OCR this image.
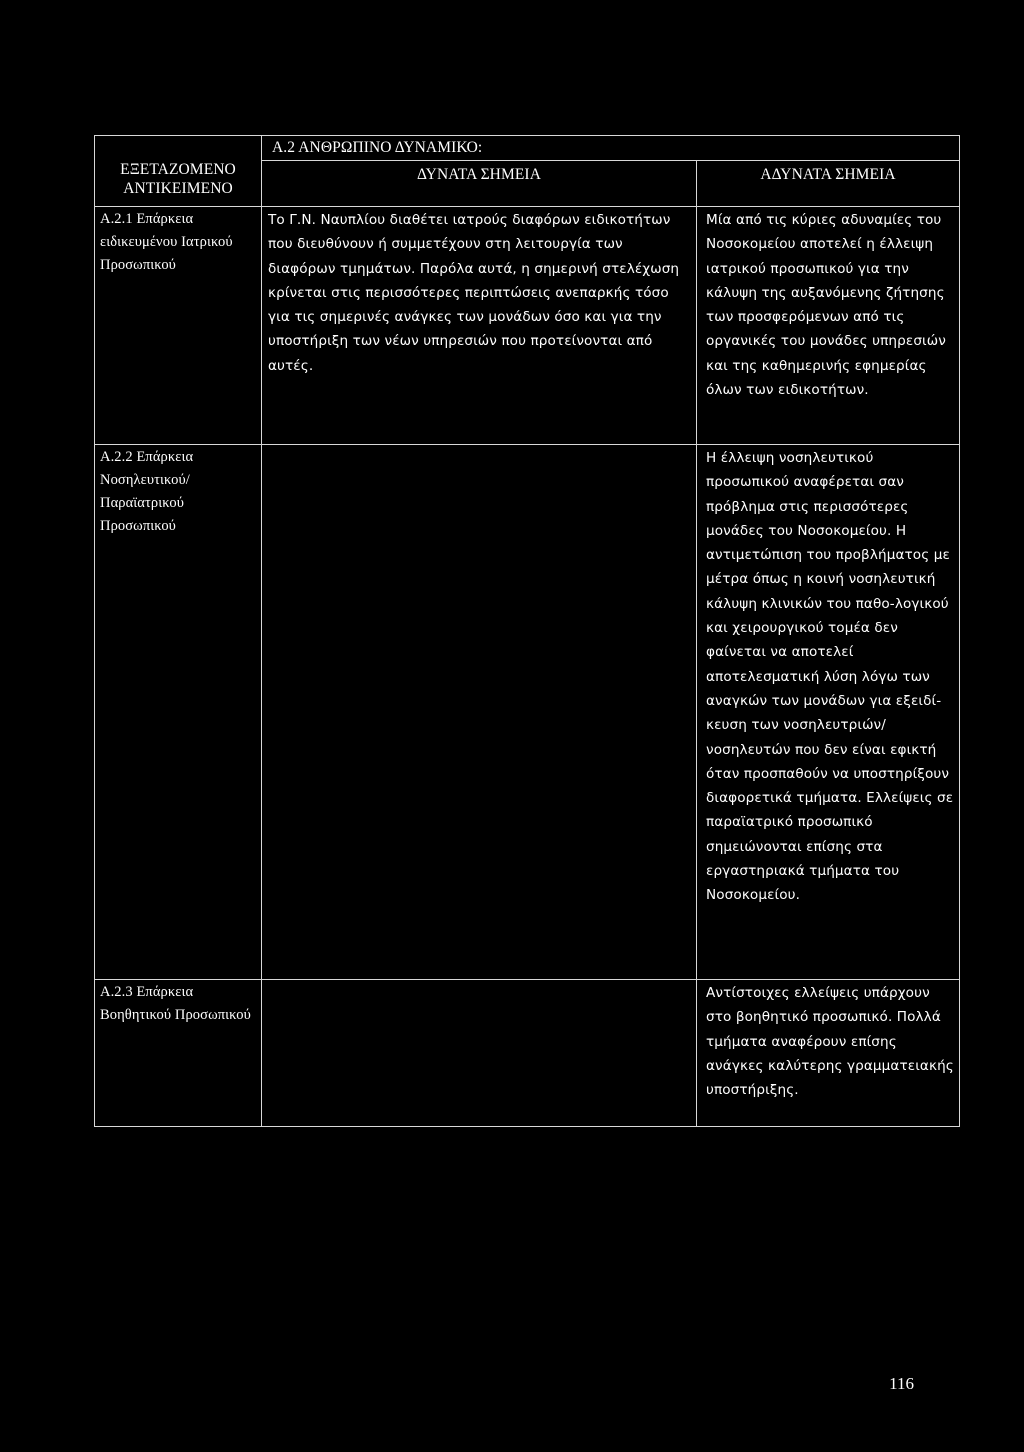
ΕΞΕΤΑΖΟΜΕΝΟ ΑΝΤΙΚΕΙΜΕΝΟ
Α.2 ΑΝΘΡΩΠΙΝΟ ΔΥΝΑΜΙΚΟ:
ΔΥΝΑΤΑ ΣΗΜΕΙΑ	ΑΔΥΝΑΤΑ ΣΗΜΕΙΑ
Α.2.1 Επάρκεια ειδικευμένου Ιατρικού Προσωπικού
Το Γ.Ν. Ναυπλίου διαθέτει ιατρούς διαφόρων ειδικοτήτων που διευθύνουν ή συμμετέχουν στη λειτουργία των διαφόρων τμημάτων. Παρόλα αυτά, η σημερινή στελέχωση κρίνεται στις περισσότερες περιπτώσεις ανεπαρκής τόσο για τις σημερινές ανάγκες των μονάδων όσο και για την υποστήριξη των νέων υπηρεσιών που προτείνονται από αυτές.
Μία από τις κύριες αδυναμίες του Νοσοκομείου αποτελεί η έλλειψη ιατρικού προσωπικού για την κάλυψη της αυξανόμενης ζήτησης των προσφερόμενων από τις οργανικές του μονάδες υπηρεσιών και της καθημερινής εφημερίας όλων των ειδικοτήτων.
Α.2.2 Επάρκεια Νοσηλευτικού/ Παραϊατρικού Προσωπικού
Η έλλειψη νοσηλευτικού προσωπικού αναφέρεται σαν πρόβλημα στις περισσότερες μονάδες του Νοσοκομείου. Η αντιμετώπιση του προβλήματος με μέτρα όπως η κοινή νοσηλευτική κάλυψη κλινικών του παθο-λογικού και χειρουργικού τομέα δεν φαίνεται να αποτελεί αποτελεσματική λύση λόγω των αναγκών των μονάδων για εξειδί-κευση των νοσηλευτριών/ νοσηλευτών που δεν είναι εφικτή όταν προσπαθούν να υποστηρίξουν διαφορετικά τμήματα. Ελλείψεις σε παραϊατρικό προσωπικό σημειώνονται επίσης στα εργαστηριακά τμήματα του Νοσοκομείου.
Α.2.3 Επάρκεια Βοηθητικού Προσωπικού
Αντίστοιχες ελλείψεις υπάρχουν στο βοηθητικό προσωπικό. Πολλά τμήματα αναφέρουν επίσης ανάγκες καλύτερης γραμματειακής υποστήριξης.
116
